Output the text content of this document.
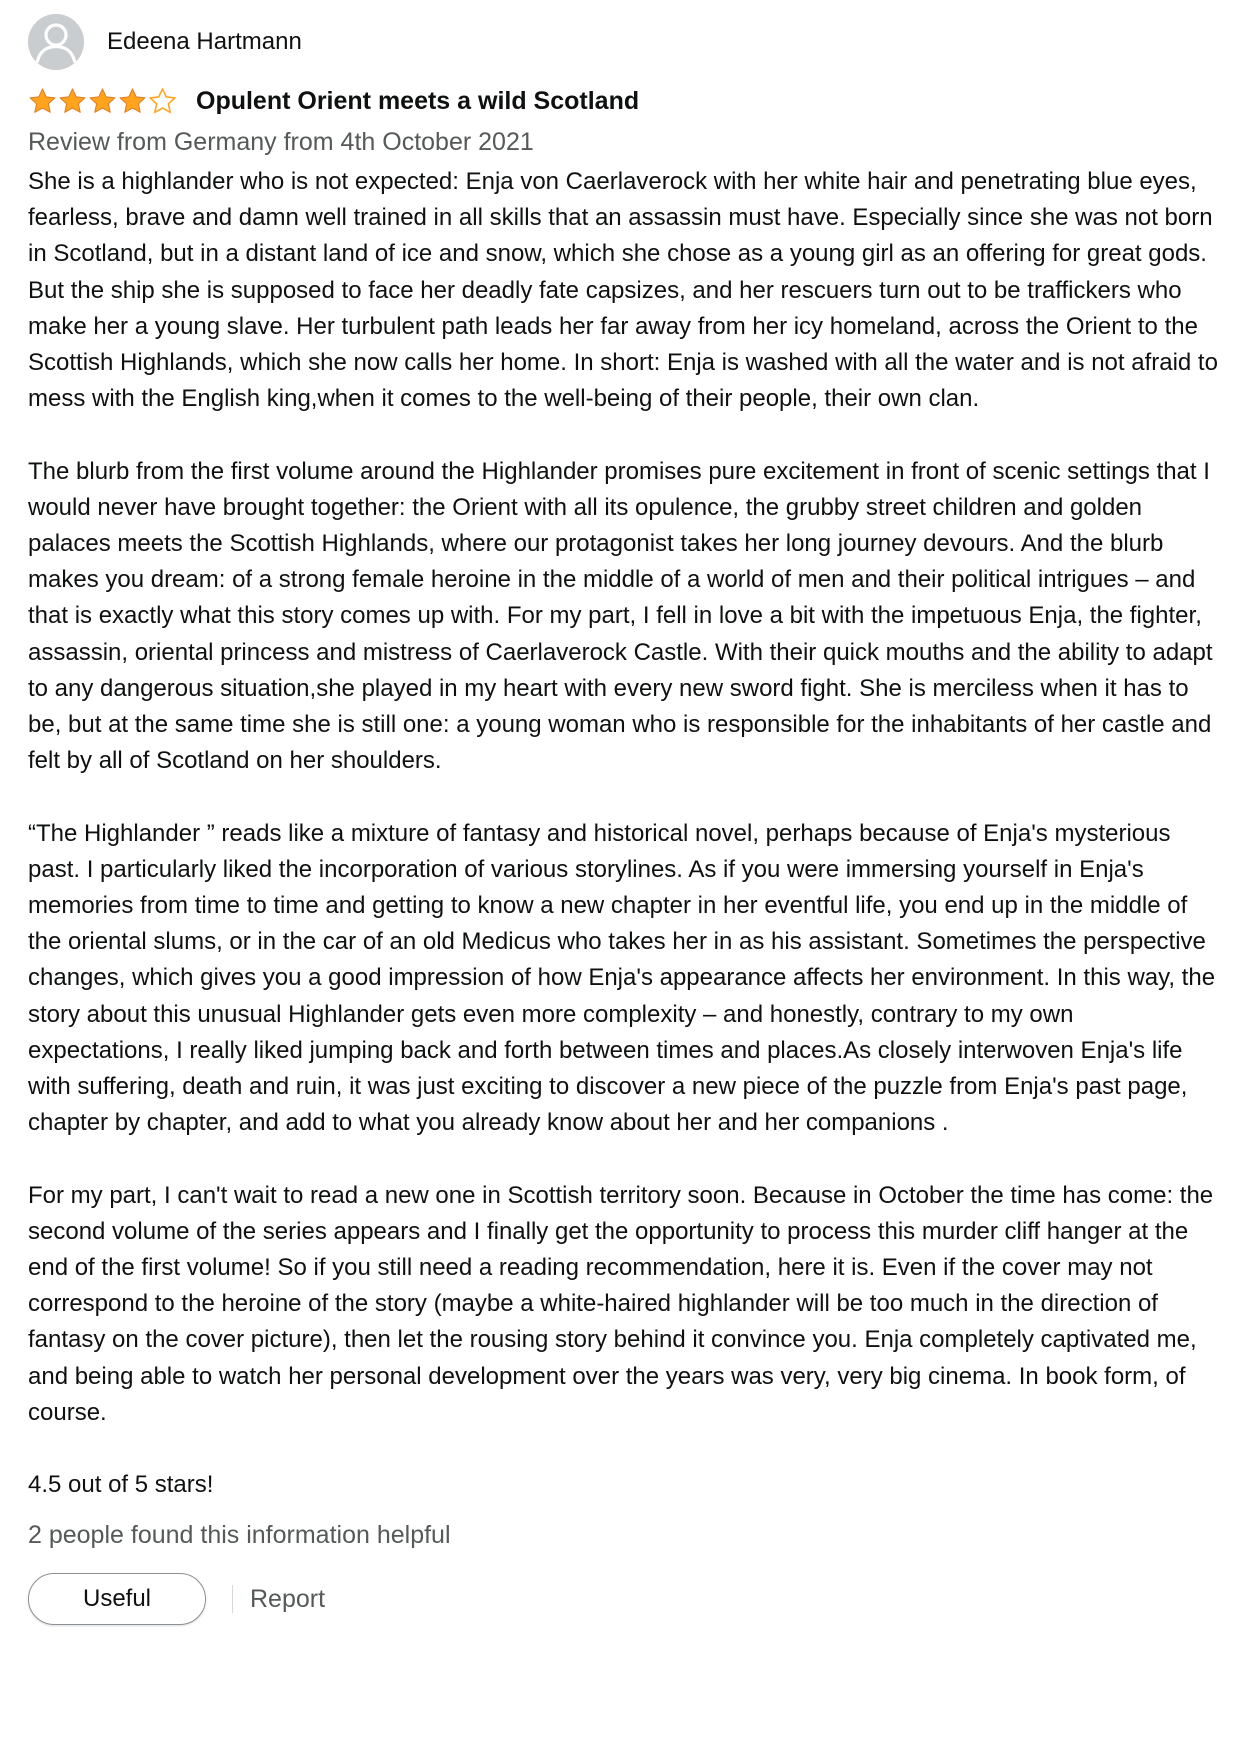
Edeena Hartmann
Opulent Orient meets a wild Scotland
Review from Germany from 4th October 2021

She is a highlander who is not expected: Enja von Caerlaverock with her white hair and penetrating blue eyes, fearless, brave and damn well trained in all skills that an assassin must have. Especially since she was not born in Scotland, but in a distant land of ice and snow, which she chose as a young girl as an offering for great gods. But the ship she is supposed to face her deadly fate capsizes, and her rescuers turn out to be traffickers who make her a young slave. Her turbulent path leads her far away from her icy homeland, across the Orient to the Scottish Highlands, which she now calls her home. In short: Enja is washed with all the water and is not afraid to mess with the English king,when it comes to the well-being of their people, their own clan.

The blurb from the first volume around the Highlander promises pure excitement in front of scenic settings that I would never have brought together: the Orient with all its opulence, the grubby street children and golden palaces meets the Scottish Highlands, where our protagonist takes her long journey devours. And the blurb makes you dream: of a strong female heroine in the middle of a world of men and their political intrigues – and that is exactly what this story comes up with. For my part, I fell in love a bit with the impetuous Enja, the fighter, assassin, oriental princess and mistress of Caerlaverock Castle. With their quick mouths and the ability to adapt to any dangerous situation,she played in my heart with every new sword fight. She is merciless when it has to be, but at the same time she is still one: a young woman who is responsible for the inhabitants of her castle and felt by all of Scotland on her shoulders.

“The Highlander ” reads like a mixture of fantasy and historical novel, perhaps because of Enja's mysterious past. I particularly liked the incorporation of various storylines. As if you were immersing yourself in Enja's memories from time to time and getting to know a new chapter in her eventful life, you end up in the middle of the oriental slums, or in the car of an old Medicus who takes her in as his assistant. Sometimes the perspective changes, which gives you a good impression of how Enja's appearance affects her environment. In this way, the story about this unusual Highlander gets even more complexity – and honestly, contrary to my own expectations, I really liked jumping back and forth between times and places.As closely interwoven Enja's life with suffering, death and ruin, it was just exciting to discover a new piece of the puzzle from Enja's past page, chapter by chapter, and add to what you already know about her and her companions .

For my part, I can't wait to read a new one in Scottish territory soon. Because in October the time has come: the second volume of the series appears and I finally get the opportunity to process this murder cliff hanger at the end of the first volume! So if you still need a reading recommendation, here it is. Even if the cover may not correspond to the heroine of the story (maybe a white-haired highlander will be too much in the direction of fantasy on the cover picture), then let the rousing story behind it convince you. Enja completely captivated me, and being able to watch her personal development over the years was very, very big cinema. In book form, of course.

4.5 out of 5 stars!
2 people found this information helpful
Useful	Report
